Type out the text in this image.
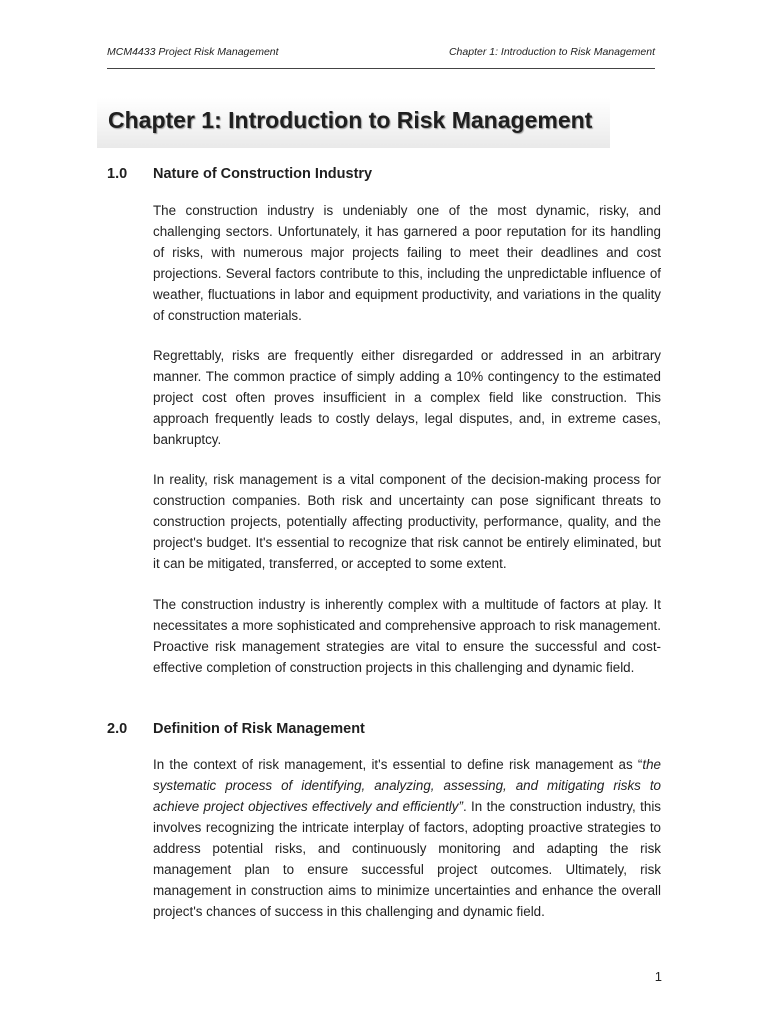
MCM4433 Project Risk Management	Chapter 1: Introduction to Risk Management
Chapter 1: Introduction to Risk Management
1.0 Nature of Construction Industry

The construction industry is undeniably one of the most dynamic, risky, and challenging sectors. Unfortunately, it has garnered a poor reputation for its handling of risks, with numerous major projects failing to meet their deadlines and cost projections. Several factors contribute to this, including the unpredictable influence of weather, fluctuations in labor and equipment productivity, and variations in the quality of construction materials.

Regrettably, risks are frequently either disregarded or addressed in an arbitrary manner. The common practice of simply adding a 10% contingency to the estimated project cost often proves insufficient in a complex field like construction. This approach frequently leads to costly delays, legal disputes, and, in extreme cases, bankruptcy.

In reality, risk management is a vital component of the decision-making process for construction companies. Both risk and uncertainty can pose significant threats to construction projects, potentially affecting productivity, performance, quality, and the project's budget. It's essential to recognize that risk cannot be entirely eliminated, but it can be mitigated, transferred, or accepted to some extent.

The construction industry is inherently complex with a multitude of factors at play. It necessitates a more sophisticated and comprehensive approach to risk management. Proactive risk management strategies are vital to ensure the successful and cost-effective completion of construction projects in this challenging and dynamic field.

2.0 Definition of Risk Management

In the context of risk management, it's essential to define risk management as “the systematic process of identifying, analyzing, assessing, and mitigating risks to achieve project objectives effectively and efficiently”. In the construction industry, this involves recognizing the intricate interplay of factors, adopting proactive strategies to address potential risks, and continuously monitoring and adapting the risk management plan to ensure successful project outcomes. Ultimately, risk management in construction aims to minimize uncertainties and enhance the overall project's chances of success in this challenging and dynamic field.

1
